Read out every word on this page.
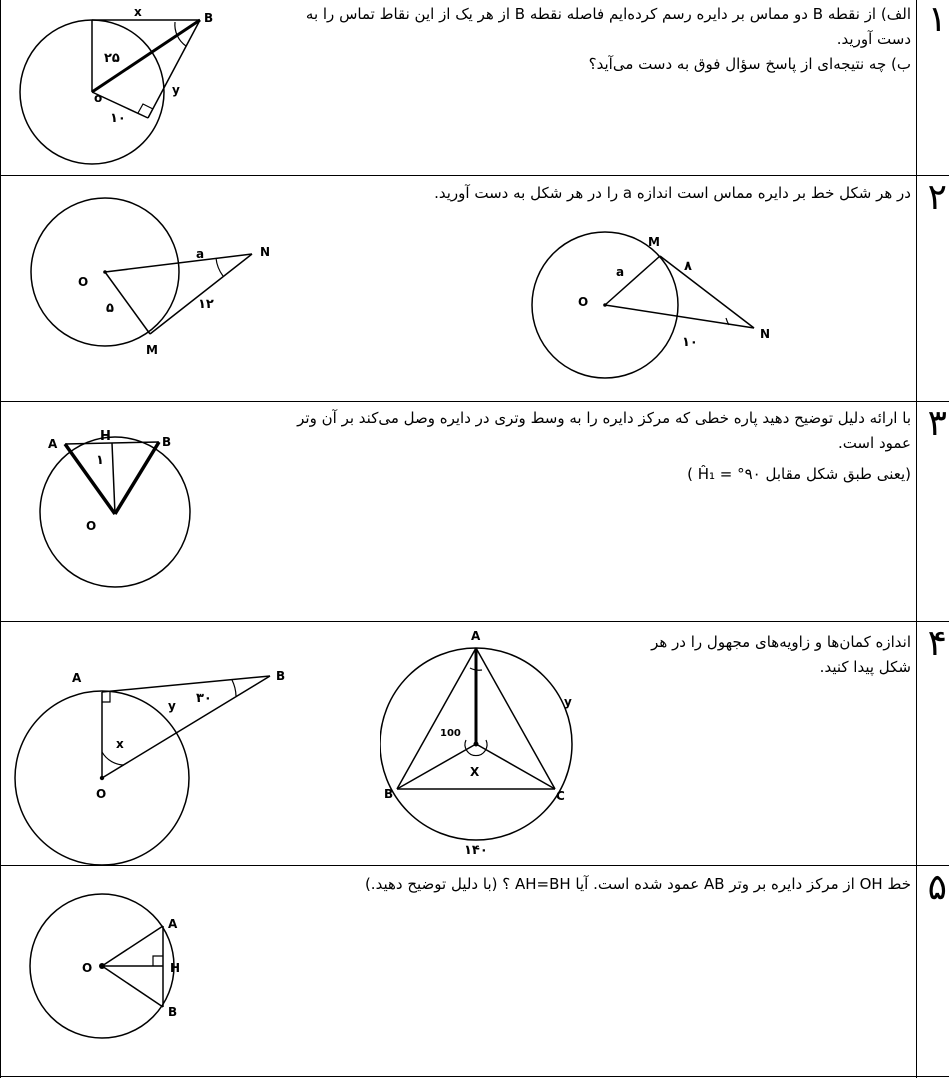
۱

الف) از نقطه B دو مماس بر دایره رسم کرده‌ایم فاصله نقطه B از هر یک از این نقاط تماس را به

دست آورید.

ب) چه نتیجه‌ای از پاسخ سؤال فوق به دست می‌آید؟

x	B
o
y
۲۵
۱۰
۲

در هر شکل خط بر دایره مماس است اندازه a را در هر شکل به دست آورید.

O
a	N
M
۵	۱۲
M
O
a
N
۸
۱۰
۳

با ارائه دلیل توضیح دهید پاره خطی که مرکز دایره را به وسط وتری در دایره وصل می‌کند بر آن وتر

عمود است.

(یعنی طبق شکل مقابل ۹۰° = Ĥ₁ )

A	B
O
H
۱
۴

اندازه کمان‌ها و زاویه‌های مجهول را در هر

شکل پیدا کنید.

A	B
O
x
y ۳۰
A
B	C
X
y
100
۱۴۰
۵

خط OH از مرکز دایره بر وتر AB عمود شده است. آیا AH=BH ؟ (با دلیل توضیح دهید.)

O
A
H
B
